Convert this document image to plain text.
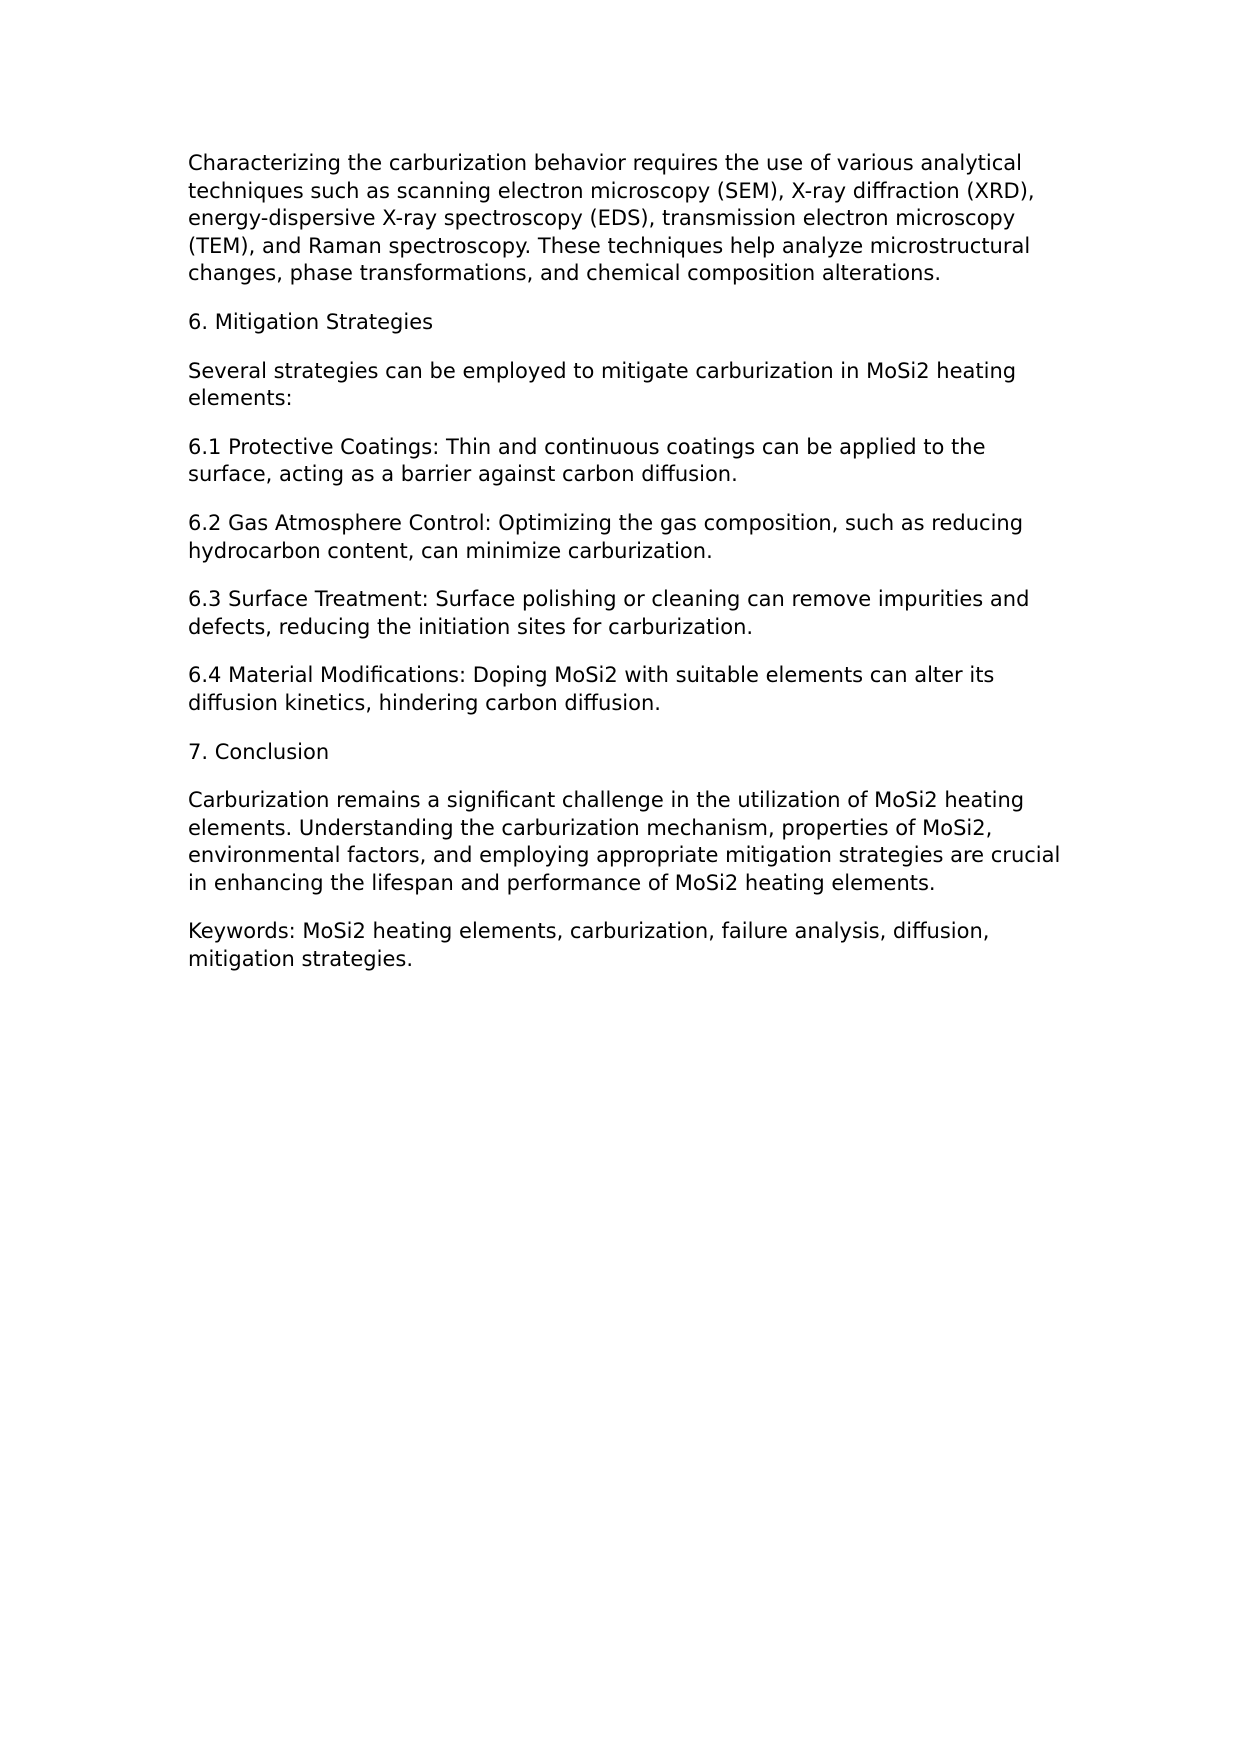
Characterizing the carburization behavior requires the use of various analytical techniques such as scanning electron microscopy (SEM), X-ray diffraction (XRD), energy-dispersive X-ray spectroscopy (EDS), transmission electron microscopy (TEM), and Raman spectroscopy. These techniques help analyze microstructural changes, phase transformations, and chemical composition alterations.

6. Mitigation Strategies

Several strategies can be employed to mitigate carburization in MoSi2 heating elements:

6.1 Protective Coatings: Thin and continuous coatings can be applied to the surface, acting as a barrier against carbon diffusion.

6.2 Gas Atmosphere Control: Optimizing the gas composition, such as reducing hydrocarbon content, can minimize carburization.

6.3 Surface Treatment: Surface polishing or cleaning can remove impurities and defects, reducing the initiation sites for carburization.

6.4 Material Modifications: Doping MoSi2 with suitable elements can alter its diffusion kinetics, hindering carbon diffusion.

7. Conclusion

Carburization remains a significant challenge in the utilization of MoSi2 heating elements. Understanding the carburization mechanism, properties of MoSi2, environmental factors, and employing appropriate mitigation strategies are crucial in enhancing the lifespan and performance of MoSi2 heating elements.

Keywords: MoSi2 heating elements, carburization, failure analysis, diffusion, mitigation strategies.
